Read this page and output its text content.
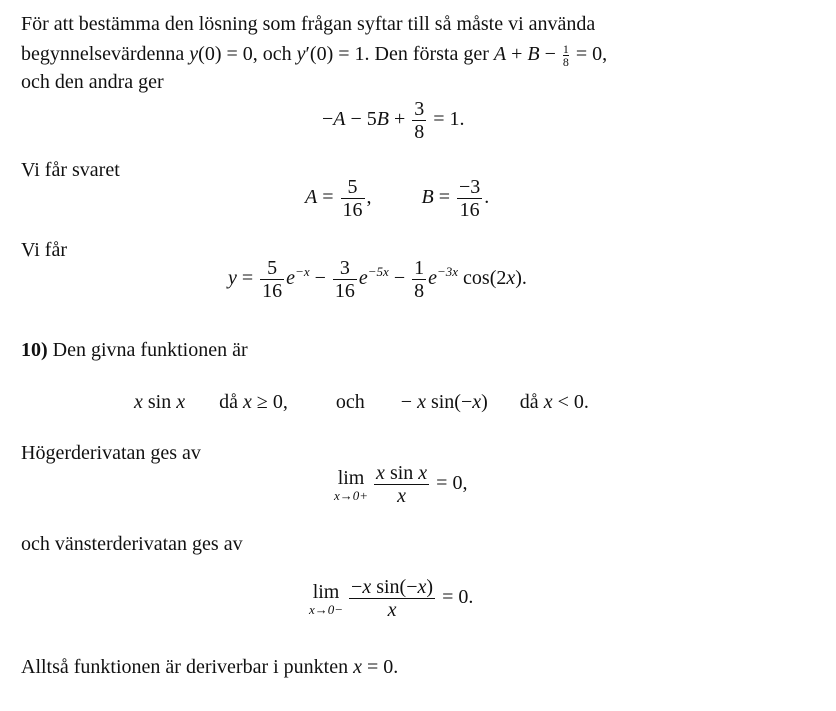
För att bestämma den lösning som frågan syftar till så måste vi använda
begynnelsevärdenna y(0) = 0, och y′(0) = 1. Den första ger $A + B - \frac{1}{8} = 0$,
och den andra ger
$-A - 5B + \frac{3}{8} = 1$.
Vi får svaret
$A = \frac{5}{16}$ ,	$B = \frac{-3}{16}$ .
Vi får
$y = \frac{5}{16} e^{-x} - \frac{3}{16} e^{-5x} - \frac{1}{8} e^{-3x}$ cos(2x).
10) Den givna funktionen är
x sin x då x ≥ 0, och − x sin(−x) då x < 0.
Högerderivatan ges av
lim
$x\to 0+ \frac{\text{x sin x}}{x} = 0$,
och vänsterderivatan ges av
lim
$x\to 0- \frac{\text{−x sin(−x)}}{x} = 0$.
Alltså funktionen är deriverbar i punkten x = 0.
